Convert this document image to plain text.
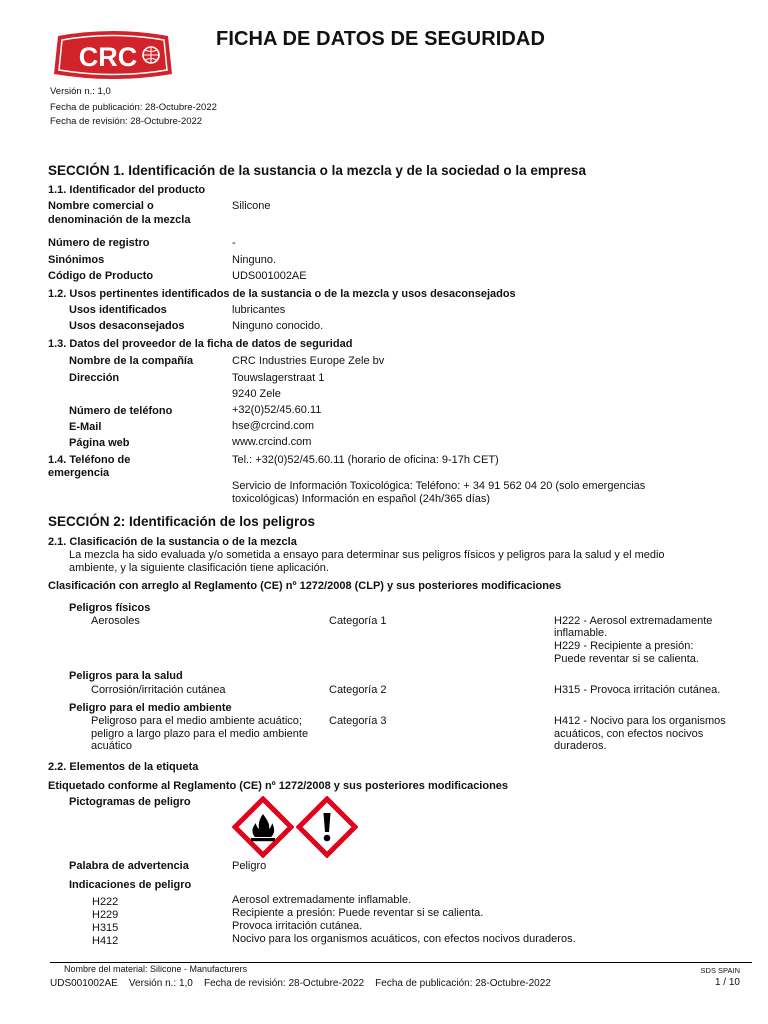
CRC
FICHA DE DATOS DE SEGURIDAD
Versión n.: 1,0
Fecha de publicación: 28-Octubre-2022
Fecha de revisión: 28-Octubre-2022
SECCIÓN 1. Identificación de la sustancia o la mezcla y de la sociedad o la empresa
1.1. Identificador del producto
Nombre comercial o
denominación de la mezcla
Silicone
Número de registro	-
Sinónimos	Ninguno.
Código de Producto	UDS001002AE
1.2. Usos pertinentes identificados de la sustancia o de la mezcla y usos desaconsejados
Usos identificados	lubricantes
Usos desaconsejados	Ninguno conocido.
1.3. Datos del proveedor de la ficha de datos de seguridad
Nombre de la compañía	CRC Industries Europe Zele bv
Dirección	Touwslagerstraat 1
9240 Zele
Número de teléfono	+32(0)52/45.60.11
E-Mail	hse@crcind.com
Página web	www.crcind.com
1.4. Teléfono de
emergencia
Tel.: +32(0)52/45.60.11 (horario de oficina: 9-17h CET)
Servicio de Información Toxicológica: Teléfono: + 34 91 562 04 20 (solo emergencias
toxicológicas) Información en español (24h/365 días)
SECCIÓN 2: Identificación de los peligros
2.1. Clasificación de la sustancia o de la mezcla
La mezcla ha sido evaluada y/o sometida a ensayo para determinar sus peligros físicos y peligros para la salud y el medio
ambiente, y la siguiente clasificación tiene aplicación.
Clasificación con arreglo al Reglamento (CE) nº 1272/2008 (CLP) y sus posteriores modificaciones
Peligros físicos
Aerosoles	Categoría 1	H222 - Aerosol extremadamente
inflamable.
H229 - Recipiente a presión:
Puede reventar si se calienta.
Peligros para la salud
Corrosión/irritación cutánea	Categoría 2	H315 - Provoca irritación cutánea.
Peligro para el medio ambiente
Peligroso para el medio ambiente acuático;
peligro a largo plazo para el medio ambiente
acuático
Categoría 3	H412 - Nocivo para los organismos
acuáticos, con efectos nocivos
duraderos.
2.2. Elementos de la etiqueta
Etiquetado conforme al Reglamento (CE) nº 1272/2008 y sus posteriores modificaciones
Pictogramas de peligro
Palabra de advertencia	Peligro
Indicaciones de peligro
H222	Aerosol extremadamente inflamable.
H229	Recipiente a presión: Puede reventar si se calienta.
H315	Provoca irritación cutánea.
H412	Nocivo para los organismos acuáticos, con efectos nocivos duraderos.
Nombre del material: Silicone - Manufacturers	SDS SPAIN
UDS001002AE    Versión n.: 1,0    Fecha de revisión: 28-Octubre-2022    Fecha de publicación: 28-Octubre-2022	1 / 10
